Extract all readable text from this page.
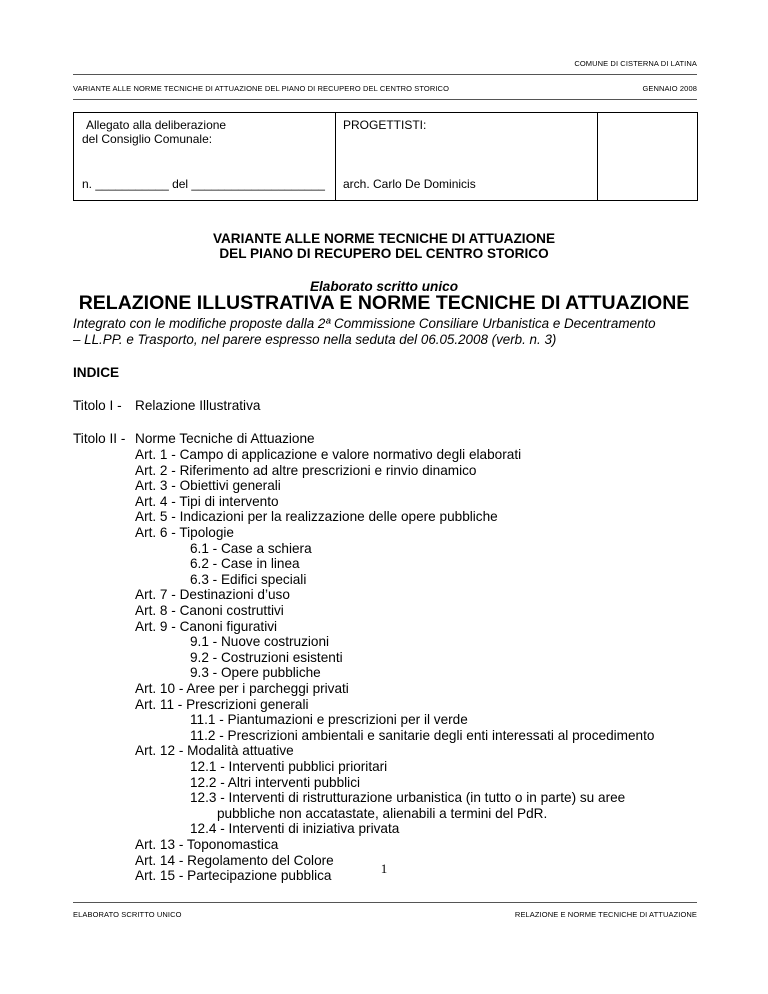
COMUNE DI CISTERNA DI LATINA
VARIANTE ALLE NORME TECNICHE DI ATTUAZIONE DEL PIANO DI RECUPERO DEL CENTRO STORICO	GENNAIO 2008
Allegato alla deliberazione
del Consiglio Comunale:
n. ___________ del ____________________

PROGETTISTI:
arch. Carlo De Dominicis

VARIANTE ALLE NORME TECNICHE DI ATTUAZIONE
DEL PIANO DI RECUPERO DEL CENTRO STORICO
Elaborato scritto unico
RELAZIONE ILLUSTRATIVA E NORME TECNICHE DI ATTUAZIONE
Integrato con le modifiche proposte dalla 2ª Commissione Consiliare Urbanistica e Decentramento
– LL.PP. e Trasporto, nel parere espresso nella seduta del 06.05.2008 (verb. n. 3)
INDICE
Titolo I - Relazione Illustrativa
Titolo II - Norme Tecniche di Attuazione
Art. 1 - Campo di applicazione e valore normativo degli elaborati
Art. 2 - Riferimento ad altre prescrizioni e rinvio dinamico
Art. 3 - Obiettivi generali
Art. 4 - Tipi di intervento
Art. 5 - Indicazioni per la realizzazione delle opere pubbliche
Art. 6 - Tipologie
6.1 - Case a schiera
6.2 - Case in linea
6.3 - Edifici speciali
Art. 7 - Destinazioni d’uso
Art. 8 - Canoni costruttivi
Art. 9 - Canoni figurativi
9.1 - Nuove costruzioni
9.2 - Costruzioni esistenti
9.3 - Opere pubbliche
Art. 10 - Aree per i parcheggi privati
Art. 11 - Prescrizioni generali
11.1 - Piantumazioni e prescrizioni per il verde
11.2 - Prescrizioni ambientali e sanitarie degli enti interessati al procedimento
Art. 12 - Modalità attuative
12.1 - Interventi pubblici prioritari
12.2 - Altri interventi pubblici
12.3 - Interventi di ristrutturazione urbanistica (in tutto o in parte) su aree
pubbliche non accatastate, alienabili a termini del PdR.
12.4 - Interventi di iniziativa privata
Art. 13 - Toponomastica
Art. 14 - Regolamento del Colore
Art. 15 - Partecipazione pubblica	1
ELABORATO SCRITTO UNICO	RELAZIONE E NORME TECNICHE DI ATTUAZIONE
